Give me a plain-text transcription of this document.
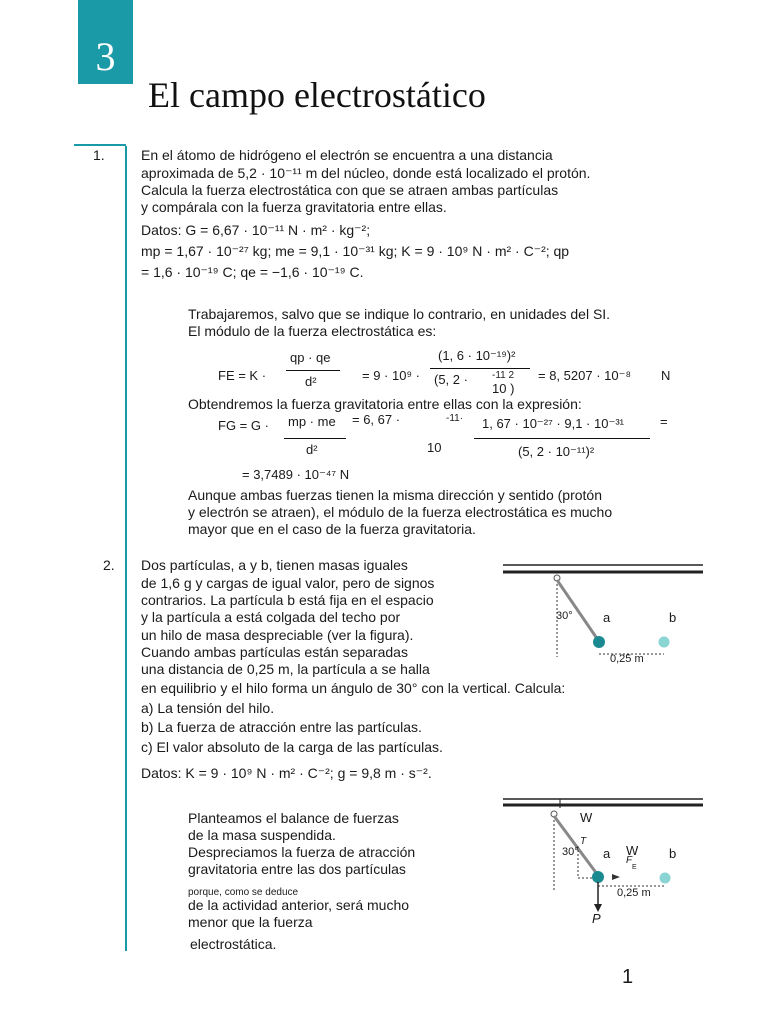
3
El campo electrostático
1.	En el átomo de hidrógeno el electrón se encuentra a una distancia
aproximada de 5,2 · 10⁻¹¹ m del núcleo, donde está localizado el protón.
Calcula la fuerza electrostática con que se atraen ambas partículas
y compárala con la fuerza gravitatoria entre ellas.
Datos: G = 6,67 · 10⁻¹¹ N · m² · kg⁻²;
mp = 1,67 · 10⁻²⁷ kg; me = 9,1 · 10⁻³¹ kg; K = 9 · 10⁹ N · m² · C⁻²; qp
= 1,6 · 10⁻¹⁹ C; qe = −1,6 · 10⁻¹⁹ C.
Trabajaremos, salvo que se indique lo contrario, en unidades del SI.
El módulo de la fuerza electrostática es:
FE = K ·
qp · qe
d²	= 9 · 10⁹ ·
(1, 6 · 10⁻¹⁹)²
(5, 2 · -11 2
10 )
= 8, 5207 · 10⁻⁸ N
Obtendremos la fuerza gravitatoria entre ellas con la expresión:
FG = G · mp · me
d²
= 6, 67 ·	-11·
10
1, 67 · 10⁻²⁷ · 9,1 · 10⁻³¹
(5, 2 · 10⁻¹¹)²
=
= 3,7489 · 10⁻⁴⁷ N
Aunque ambas fuerzas tienen la misma dirección y sentido (protón
y electrón se atraen), el módulo de la fuerza electrostática es mucho
mayor que en el caso de la fuerza gravitatoria.
2. Dos partículas, a y b, tienen masas iguales
de 1,6 g y cargas de igual valor, pero de signos
contrarios. La partícula b está fija en el espacio
y la partícula a está colgada del techo por
un hilo de masa despreciable (ver la figura).
Cuando ambas partículas están separadas
una distancia de 0,25 m, la partícula a se halla
en equilibrio y el hilo forma un ángulo de 30° con la vertical. Calcula:
a) La tensión del hilo.
b) La fuerza de atracción entre las partículas.
c) El valor absoluto de la carga de las partículas.
Datos: K = 9 · 10⁹ N · m² · C⁻²; g = 9,8 m · s⁻².
30° a	b
0,25 m
Planteamos el balance de fuerzas
de la masa suspendida.
Despreciamos la fuerza de atracción
gravitatoria entre las dos partículas
porque, como se deduce
de la actividad anterior, será mucho
menor que la fuerza
electrostática.
W
T
30° a W
F
E
b
0,25 m
P
1
